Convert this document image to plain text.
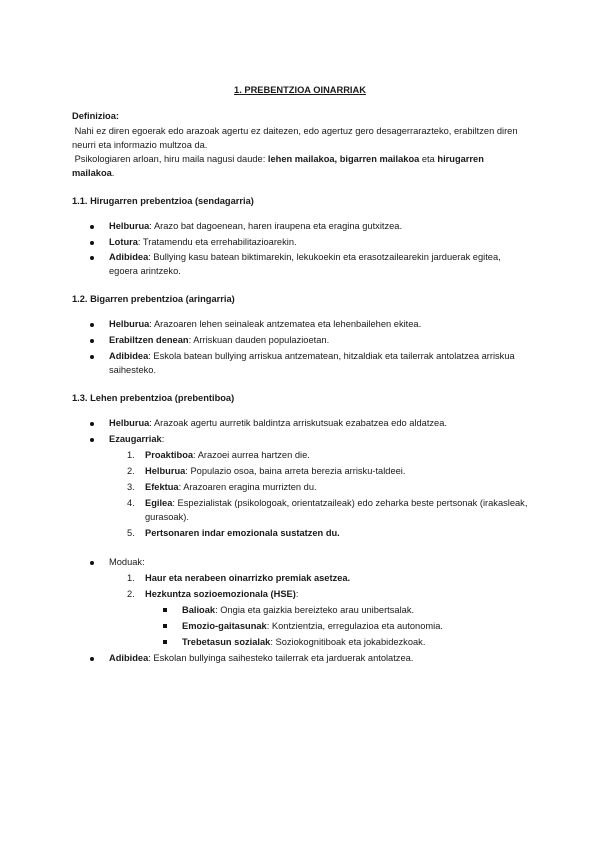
1. PREBENTZIOA OINARRIAK

Definizioa:

Nahi ez diren egoerak edo arazoak agertu ez daitezen, edo agertuz gero desagerrarazteko, erabiltzen diren neurri eta informazio multzoa da.

Psikologiaren arloan, hiru maila nagusi daude: lehen mailakoa, bigarren mailakoa eta hirugarren mailakoa.

1.1. Hirugarren prebentzioa (sendagarria)

Helburua: Arazo bat dagoenean, haren iraupena eta eragina gutxitzea.
Lotura: Tratamendu eta errehabilitazioarekin.
Adibidea: Bullying kasu batean biktimarekin, lekukoekin eta erasotzailearekin jarduerak egitea, egoera arintzeko.

1.2. Bigarren prebentzioa (aringarria)

Helburua: Arazoaren lehen seinaleak antzematea eta lehenbailehen ekitea.
Erabiltzen denean: Arriskuan dauden populazioetan.
Adibidea: Eskola batean bullying arriskua antzematean, hitzaldiak eta tailerrak antolatzea arriskua saihesteko.

1.3. Lehen prebentzioa (prebentiboa)

Helburua: Arazoak agertu aurretik baldintza arriskutsuak ezabatzea edo aldatzea.
Ezaugarriak:
1. Proaktiboa: Arazoei aurrea hartzen die.
2. Helburua: Populazio osoa, baina arreta berezia arrisku-taldeei.
3. Efektua: Arazoaren eragina murrizten du.
4. Egilea: Espezialistak (psikologoak, orientatzaileak) edo zeharka beste pertsonak (irakasleak, gurasoak).
5. Pertsonaren indar emozionala sustatzen du.
Moduak:
1. Haur eta nerabeen oinarrizko premiak asetzea.
2. Hezkuntza sozioemozionala (HSE):
Balioak: Ongia eta gaizkia bereizteko arau unibertsalak.
Emozio-gaitasunak: Kontzientzia, erregulazioa eta autonomia.
Trebetasun sozialak: Soziokognitiboak eta jokabidezkoak.
Adibidea: Eskolan bullyinga saihesteko tailerrak eta jarduerak antolatzea.
